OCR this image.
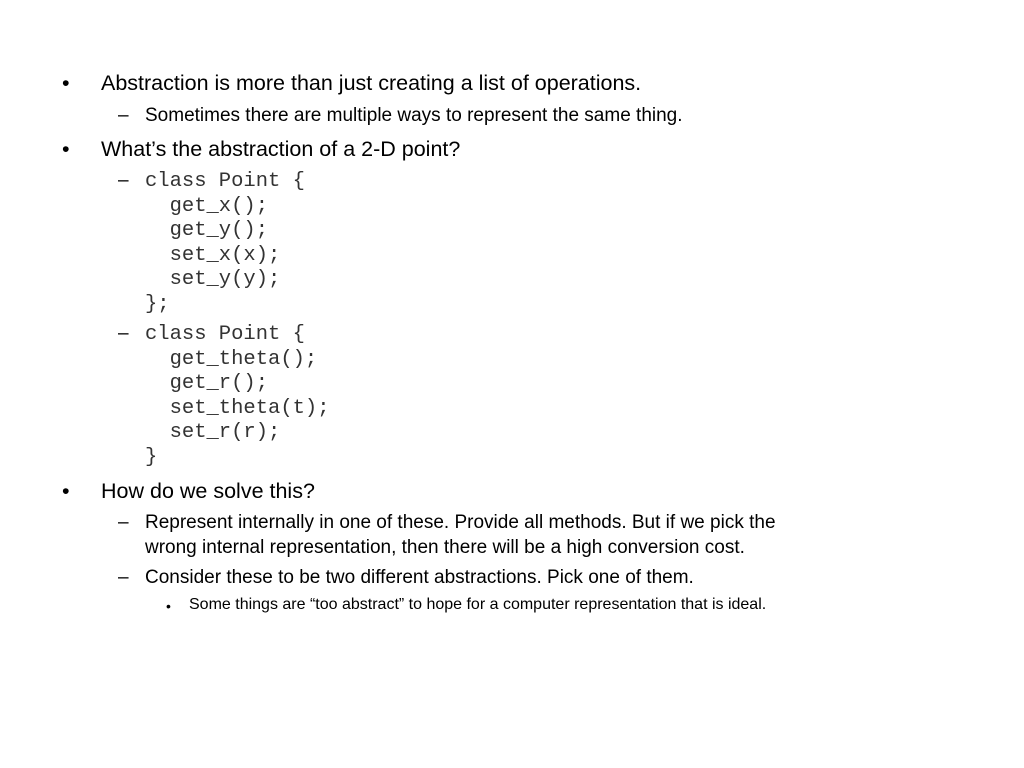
• Abstraction is more than just creating a list of operations.
– Sometimes there are multiple ways to represent the same thing.
• What’s the abstraction of a 2-D point?
– class Point {
get_x();
get_y();
set_x(x);
set_y(y);
};
– class Point {
get_theta();
get_r();
set_theta(t);
set_r(r);
}
• How do we solve this?
– Represent internally in one of these. Provide all methods. But if we pick the
wrong internal representation, then there will be a high conversion cost.
– Consider these to be two different abstractions. Pick one of them.
• Some things are “too abstract” to hope for a computer representation that is ideal.
